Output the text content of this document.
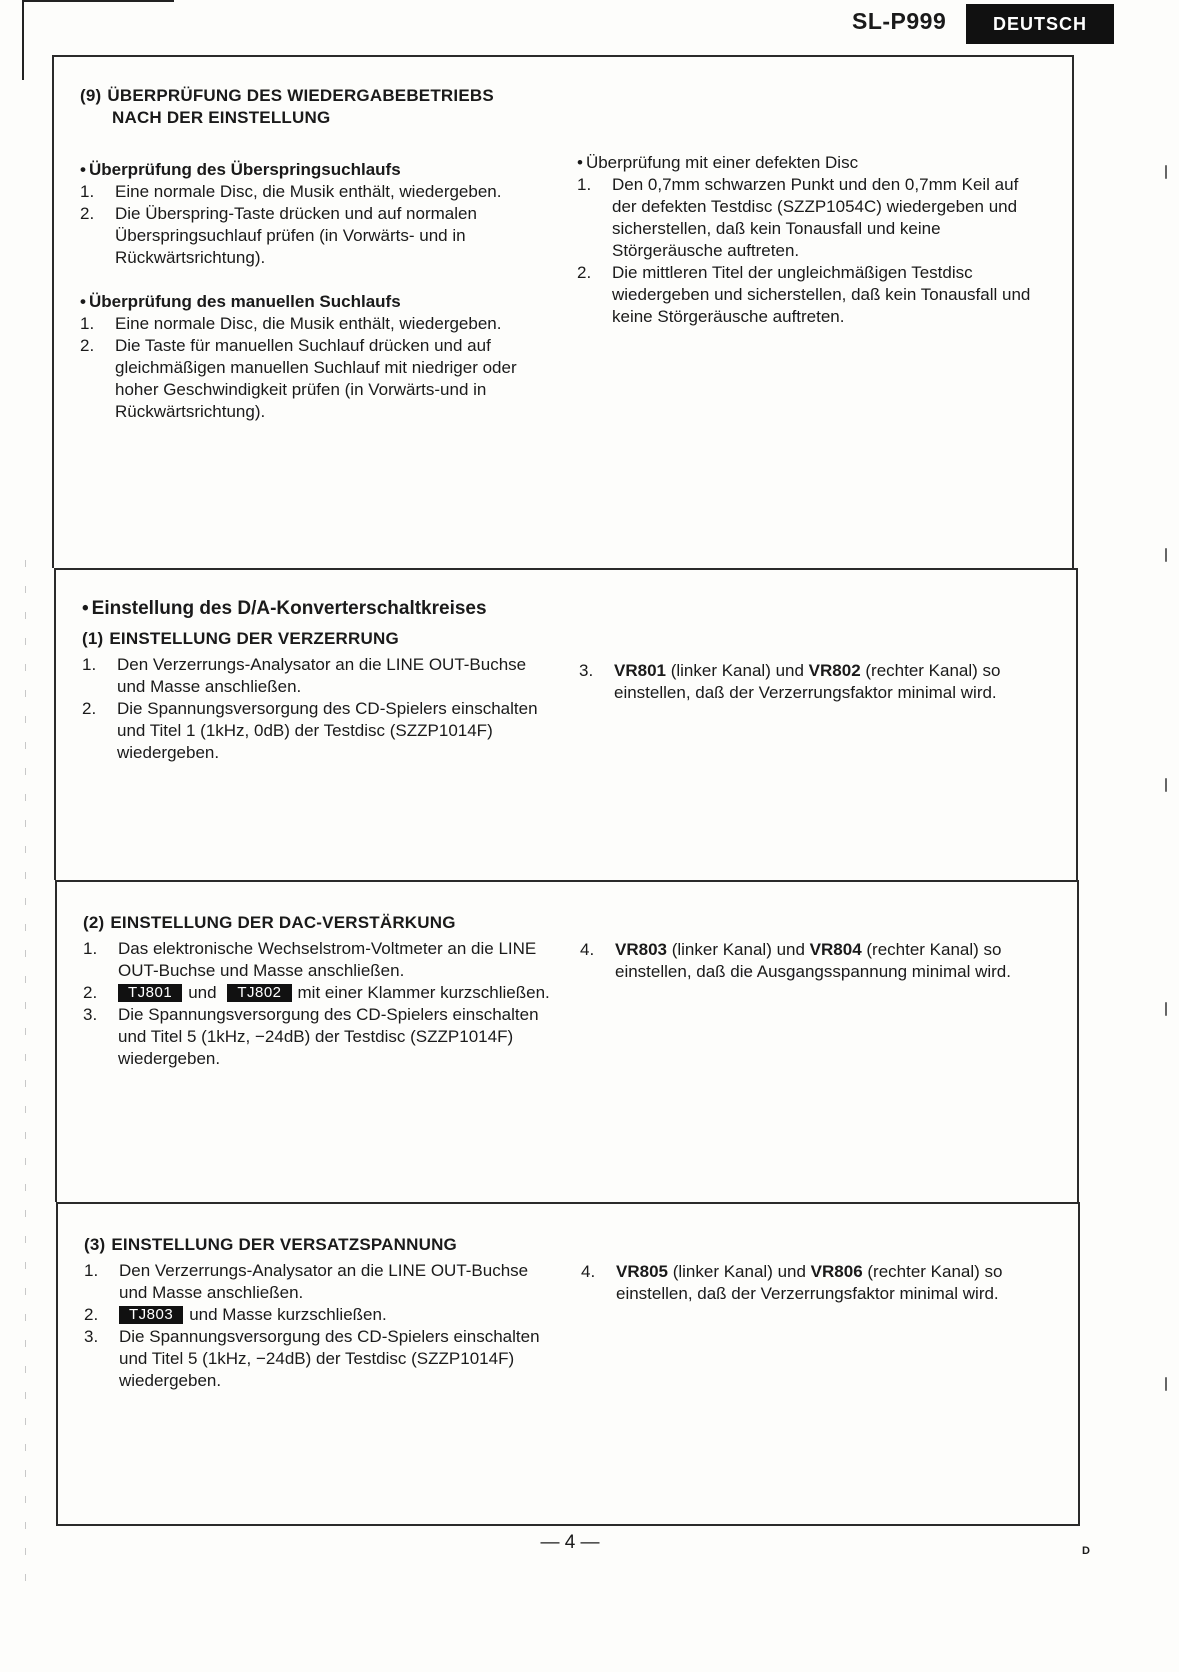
SL-P999	DEUTSCH
(9) ÜBERPRÜFUNG DES WIEDERGABEBETRIEBS
NACH DER EINSTELLUNG
• Überprüfung des Überspringsuchlaufs
1. Eine normale Disc, die Musik enthält, wiedergeben.
2. Die Überspring-Taste drücken und auf normalen Überspringsuchlauf prüfen (in Vorwärts- und in Rückwärtsrichtung).
• Überprüfung des manuellen Suchlaufs
1. Eine normale Disc, die Musik enthält, wiedergeben.
2. Die Taste für manuellen Suchlauf drücken und auf gleichmäßigen manuellen Suchlauf mit niedriger oder hoher Geschwindigkeit prüfen (in Vorwärts-und in Rückwärtsrichtung).
• Überprüfung mit einer defekten Disc
1. Den 0,7mm schwarzen Punkt und den 0,7mm Keil auf der defekten Testdisc (SZZP1054C) wiedergeben und sicherstellen, daß kein Tonausfall und keine Störgeräusche auftreten.
2. Die mittleren Titel der ungleichmäßigen Testdisc wiedergeben und sicherstellen, daß kein Tonausfall und keine Störgeräusche auftreten.
• Einstellung des D/A-Konverterschaltkreises
(1) EINSTELLUNG DER VERZERRUNG
1. Den Verzerrungs-Analysator an die LINE OUT-Buchse und Masse anschließen.
2. Die Spannungsversorgung des CD-Spielers einschalten und Titel 1 (1kHz, 0dB) der Testdisc (SZZP1014F) wiedergeben.
3. VR801 (linker Kanal) und VR802 (rechter Kanal) so einstellen, daß der Verzerrungsfaktor minimal wird.
(2) EINSTELLUNG DER DAC-VERSTÄRKUNG
1. Das elektronische Wechselstrom-Voltmeter an die LINE OUT-Buchse und Masse anschließen.
2. TJ801 und TJ802 mit einer Klammer kurzschließen.
3. Die Spannungsversorgung des CD-Spielers einschalten und Titel 5 (1kHz, −24dB) der Testdisc (SZZP1014F) wiedergeben.
4. VR803 (linker Kanal) und VR804 (rechter Kanal) so einstellen, daß die Ausgangsspannung minimal wird.
(3) EINSTELLUNG DER VERSATZSPANNUNG
1. Den Verzerrungs-Analysator an die LINE OUT-Buchse und Masse anschließen.
2. TJ803 und Masse kurzschließen.
3. Die Spannungsversorgung des CD-Spielers einschalten und Titel 5 (1kHz, −24dB) der Testdisc (SZZP1014F) wiedergeben.
4. VR805 (linker Kanal) und VR806 (rechter Kanal) so einstellen, daß der Verzerrungsfaktor minimal wird.
— 4 —	D
